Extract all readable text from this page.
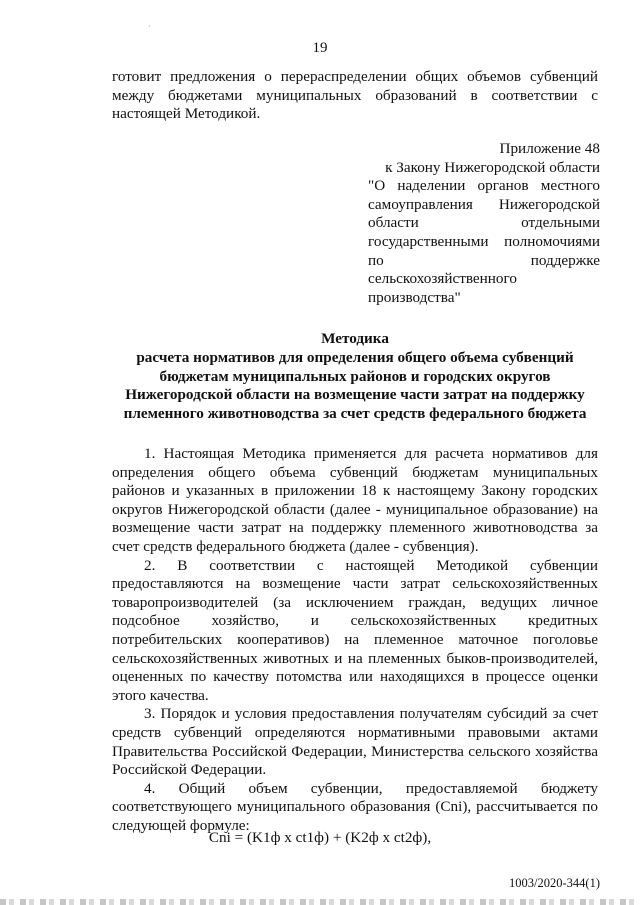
·
19

готовит предложения о перераспределении общих объемов субвенций между бюджетами муниципальных образований в соответствии с настоящей Методикой.

Приложение 48
к Закону Нижегородской области
"О наделении органов местного
самоуправления Нижегородской
области отдельными
государственными полномочиями
по поддержке
сельскохозяйственного
производства"
Методика
расчета нормативов для определения общего объема субвенций
бюджетам муниципальных районов и городских округов
Нижегородской области на возмещение части затрат на поддержку
племенного животноводства за счет средств федерального бюджета

1. Настоящая Методика применяется для расчета нормативов для определения общего объема субвенций бюджетам муниципальных районов и указанных в приложении 18 к настоящему Закону городских округов Нижегородской области (далее - муниципальное образование) на возмещение части затрат на поддержку племенного животноводства за счет средств федерального бюджета (далее - субвенция).

2. В соответствии с настоящей Методикой субвенции предоставляются на возмещение части затрат сельскохозяйственных товаропроизводителей (за исключением граждан, ведущих личное подсобное хозяйство, и сельскохозяйственных кредитных потребительских кооперативов) на племенное маточное поголовье сельскохозяйственных животных и на племенных быков-производителей, оцененных по качеству потомства или находящихся в процессе оценки этого качества.

3. Порядок и условия предоставления получателям субсидий за счет средств субвенций определяются нормативными правовыми актами Правительства Российской Федерации, Министерства сельского хозяйства Российской Федерации.

4. Общий объем субвенции, предоставляемой бюджету соответствующего муниципального образования (Cni), рассчитывается по следующей формуле:

Cni = (K1ф x ct1ф) + (K2ф x ct2ф),
1003/2020-344(1)
